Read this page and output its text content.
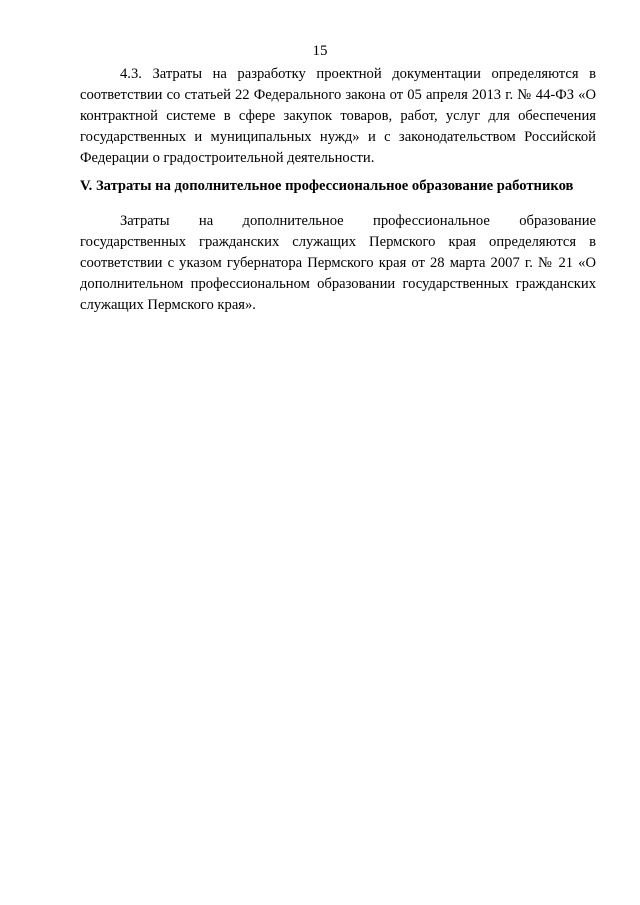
15

4.3. Затраты на разработку проектной документации определяются в соответствии со статьей 22 Федерального закона от 05 апреля 2013 г. № 44-ФЗ «О контрактной системе в сфере закупок товаров, работ, услуг для обеспечения государственных и муниципальных нужд» и с законодательством Российской Федерации о градостроительной деятельности.

V. Затраты на дополнительное профессиональное образование работников

Затраты на дополнительное профессиональное образование государственных гражданских служащих Пермского края определяются в соответствии с указом губернатора Пермского края от 28 марта 2007 г. № 21 «О дополнительном профессиональном образовании государственных гражданских служащих Пермского края».
